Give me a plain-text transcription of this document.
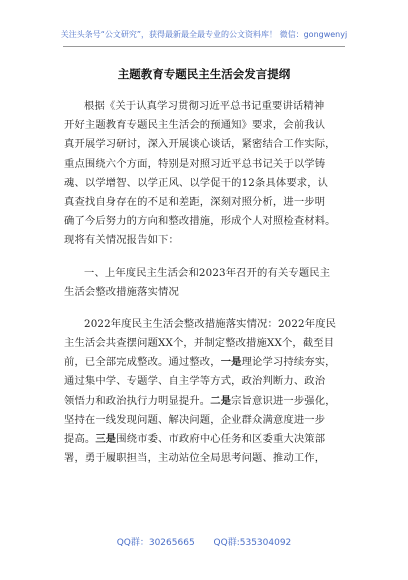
关注头条号“公文研究”，获得最新最全最专业的公文资料库！ 微信：gongwenyj
主题教育专题民主生活会发言提纲
根据《关于认真学习贯彻习近平总书记重要讲话精神
开好主题教育专题民主生活会的预通知》要求，会前我认
真开展学习研讨，深入开展谈心谈话，紧密结合工作实际，
重点围绕六个方面，特别是对照习近平总书记关于以学铸
魂、以学增智、以学正风、以学促干的12条具体要求，认
真查找自身存在的不足和差距，深刻对照分析，进一步明
确了今后努力的方向和整改措施，形成个人对照检查材料。
现将有关情况报告如下：
一、上年度民主生活会和2023年召开的有关专题民主
生活会整改措施落实情况
2022年度民主生活会整改措施落实情况：2022年度民
主生活会共查摆问题XX个，并制定整改措施XX个，截至目
前，已全部完成整改。通过整改，一是理论学习持续夯实，
通过集中学、专题学、自主学等方式，政治判断力、政治
领悟力和政治执行力明显提升。二是宗旨意识进一步强化，
坚持在一线发现问题、解决问题，企业群众满意度进一步
提高。三是围绕市委、市政府中心任务和区委重大决策部
署，勇于履职担当，主动站位全局思考问题、推动工作，
QQ群：30265665 QQ群:535304092
